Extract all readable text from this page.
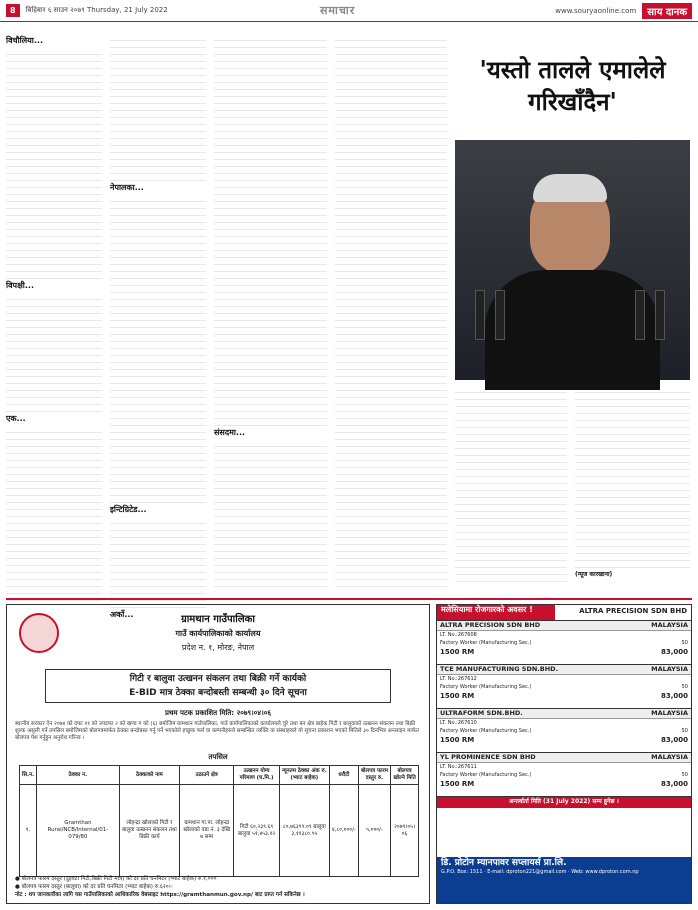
8	बिहिबार ६ साउन २०७९ Thursday, 21 July 2022	समाचार	www.souryaonline.com	साय दानक
विचौलिया...
विपक्षी...
एक...
नेपालका...
इन्टिग्रिटेड...
अर्को...
संसदमा...
'यस्तो तालले एमालेले गरिखाँदैन'
(न्यूज कारखाना)
ग्रामथान गाउँपालिका
गाउँ कार्यपालिकाको कार्यालय
प्रदेश न. १, मोरङ, नेपाल
गिटी र बालुवा उत्खनन संकलन तथा बिक्री गर्ने कार्यको
E-BID मात्र ठेक्का बन्दोबस्ती सम्बन्धी ३० दिने सूचना
प्रथम पटक प्रकाशित मिति: २०७९।०४।०६
स्थानीय सरकार ऐन २०७४ को दफा ११ को उपदफा २ को खण्ड ग को (६) बमोजिम ग्रामथान गाउँपालिका, गाउँ कार्यपालिकाको कार्यालयले चुरे तथा बन क्षेत्र बाहेक गिटी र बालुवाको उत्खनन संकलन तथा बिक्री शुल्क असुली गर्ने तपसिल बमोजिमको बोलपत्रमार्फत ठेक्का बन्दोबस्त गर्नु पर्ने भएकोले इच्छुक फर्म वा कम्पनीहरुले सम्बन्धित व्यक्ति वा संस्थाहरुले यो सूचना प्रकाशन भएको मितिले ३० दिनभित्र अनलाइन मार्फत बोलपत्र पेश गर्नुहुन अनुरोध गरिन्छ ।
तपसिल
सि.न.	ठेक्का न.	ठेक्काको नाम	उठाउने क्षेत्र	उत्खनन योग्य परिमाण (घ.मि.)	न्यूनतम ठेक्का अंक रु. (भ्याट बाहेक)	धरौटी	बोलपत्र फारम दस्तुर रु.	बोलपत्र खोल्ने मिति
१.	Gramthan Rural/NCB/Internal/01-079/80	लोहन्द्रा खोलाको गिटी र बालुवा उत्खनन संकलन तथा बिक्री कार्य	ग्रामथान गा.पा. लोहन्द्रा खोलाको वडा नं. ३ देखि ७ सम्म	गिटी ६०,२३९.६९ बालुवा ५१,४५३.१२	८०,७६३९९.०९ बालुवा ३,११३८०.९५	४,८०,०००/-	५,०००/-	२०७९।०५।०६
● बोलपत्र फारम दस्तुर (दुइवटा गिटी,बिक्री गिटी मात्र) को दर प्रति घनमिटर (भ्याट बाहेक) रु.१,०००
● बोलपत्र फारम दस्तुर (बालुवा) को दर प्रति घनमिटर (भ्याट बाहेक) रु.६२०।-
नोट : थप जानकारीका लागि यस गाउँपालिकाको आधिकारिक वेबसाइट https://gramthanmun.gov.np/ बाट प्राप्त गर्न सकिनेछ ।
मलेसियामा रोजगारको अवसर !	ALTRA PRECISION SDN BHD
ALTRA PRECISION SDN BHD	MALAYSIA
LT. No.:267608
Factory Worker (Manufacturing Sec.)	50
1500 RM	83,000
TCE MANUFACTURING SDN.BHD.	MALAYSIA
LT. No.:267612
Factory Worker (Manufacturing Sec.)	50
1500 RM	83,000
ULTRAFORM SDN.BHD.	MALAYSIA
LT. No.:267610
Factory Worker (Manufacturing Sec.)	50
1500 RM	83,000
YL PROMINENCE SDN BHD	MALAYSIA
LT. No.:267611
Factory Worker (Manufacturing Sec.)	50
1500 RM	83,000
अन्तर्वार्ता मिति (31 July 2022) सम्म हुनेछ ।
डि. प्रोटोन म्यानपावर सप्लायर्स प्रा.लि.
G.P.O. Box: 1511 · E-mail: dproton221@gmail.com · Web: www.dproton.com.np
